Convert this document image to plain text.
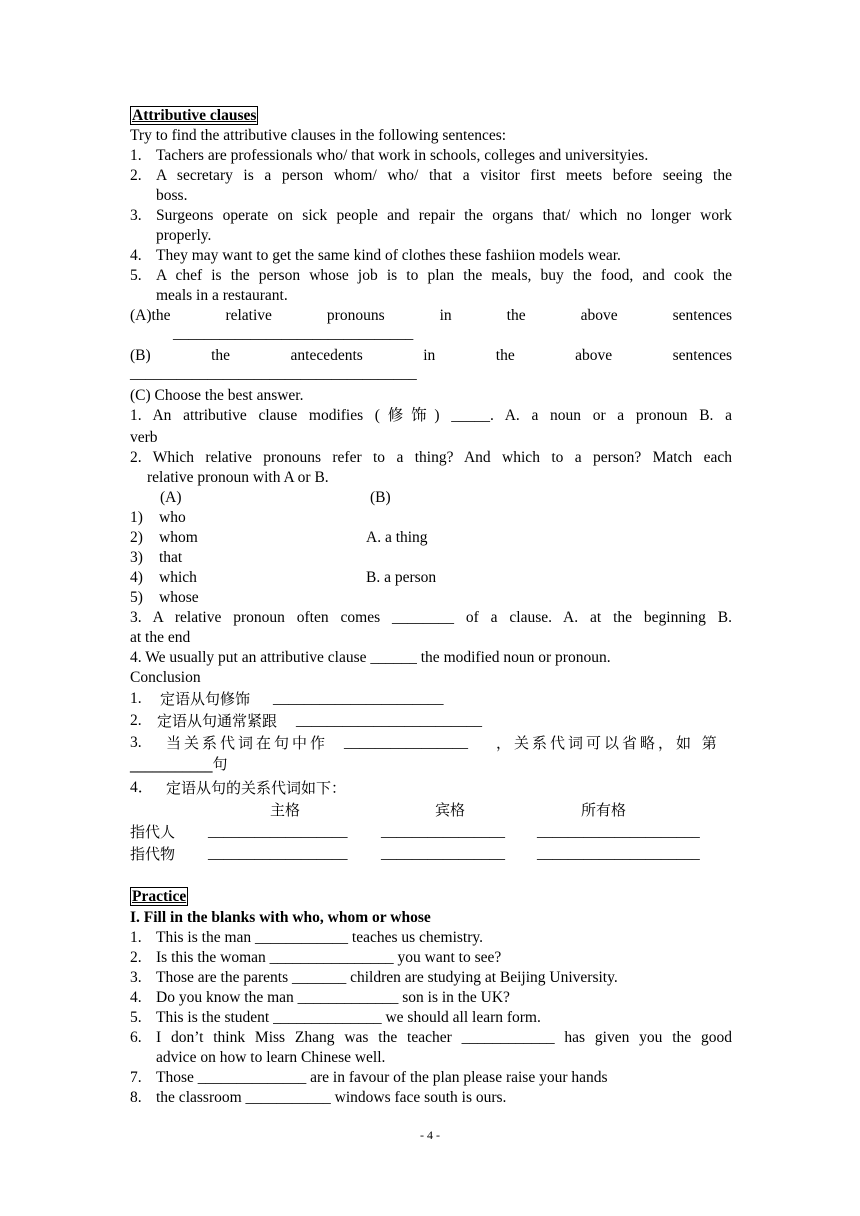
Attributive clauses
Try to find the attributive clauses in the following sentences:
1. Tachers are professionals who/ that work in schools, colleges and universityies.
2. A secretary is a person whom/ who/ that a visitor first meets before seeing the
boss.
3. Surgeons operate on sick people and repair the organs that/ which no longer work
properly.
4. They may want to get the same kind of clothes these fashiion models wear.
5. A chef is the person whose job is to plan the meals, buy the food, and cook the
meals in a restaurant.
(A)the relative pronouns in the above sentences
_______________________________
(B) the antecedents in the above sentences
_____________________________________
(C) Choose the best answer.
1. An attributive clause modifies (修饰) _____. A. a noun or a pronoun B. a
verb
2. Which relative pronouns refer to a thing? And which to a person? Match each
relative pronoun with A or B.
(A)	(B)
1) who
2) whom	A. a thing
3) that
4) which	B. a person
5) whose
3. A relative pronoun often comes ________ of a clause. A. at the beginning B.
at the end
4. We usually put an attributive clause ______ the modified noun or pronoun.
Conclusion
1. 定语从句修饰 ______________________
2. 定语从句通常紧跟 ________________________
3. 当关系代词在句中作 ________________ ，关系代词可以省略，如 第
___________句
4． 定语从句的关系代词如下：
主格	宾格	所有格
指代人 __________________ ________________ _____________________
指代物 __________________ ________________ _____________________
Practice
I. Fill in the blanks with who, whom or whose
1. This is the man ____________ teaches us chemistry.
2. Is this the woman ________________ you want to see?
3. Those are the parents _______ children are studying at Beijing University.
4. Do you know the man _____________ son is in the UK?
5. This is the student ______________ we should all learn form.
6. I don’t think Miss Zhang was the teacher ____________ has given you the good
advice on how to learn Chinese well.
7. Those ______________ are in favour of the plan please raise your hands
8. the classroom ___________ windows face south is ours.
- 4 -
